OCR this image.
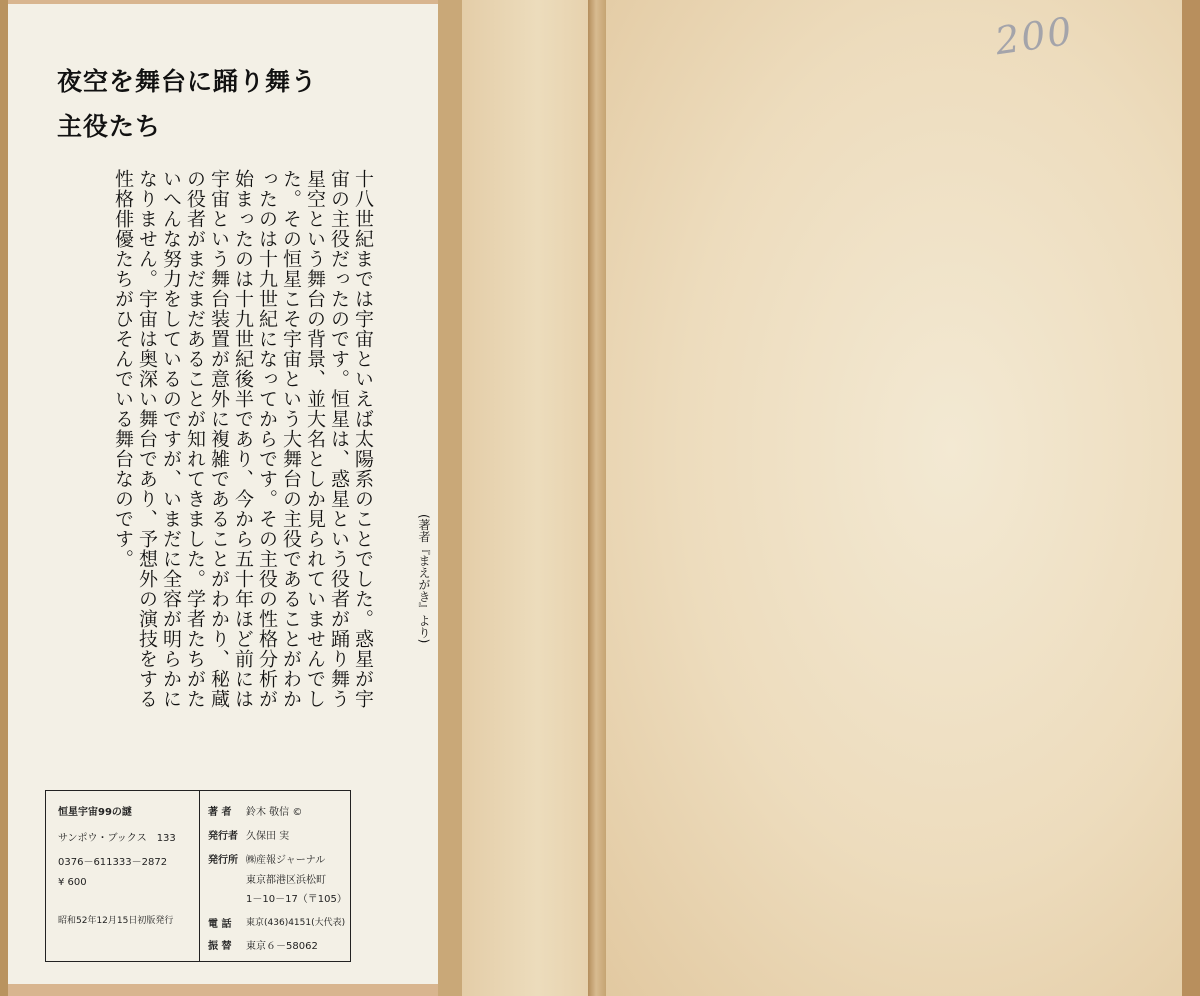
夜空を舞台に踊り舞う
主役たち
十八世紀までは宇宙といえば太陽系のことでした。惑星が宇宙の主役だったのです。恒星は、惑星という役者が踊り舞う星空という舞台の背景、並大名としか見られていませんでした。その恒星こそ宇宙という大舞台の主役であることがわかったのは十九世紀になってからです。その主役の性格分析が始まったのは十九世紀後半であり、今から五十年ほど前には宇宙という舞台装置が意外に複雑であることがわかり、秘蔵の役者がまだまだあることが知れてきました。学者たちがたいへんな努力をしているのですが、いまだに全容が明らかになりません。宇宙は奥深い舞台であり、予想外の演技をする性格俳優たちがひそんでいる舞台なのです。
(著者『まえがき』より)
恒星宇宙99の謎
サンポウ・ブックス　133
0376－611333－2872
¥ 600
昭和52年12月15日初版発行
著 者 鈴木 敬信 ©
発行者 久保田 実
発行所 ㈱産報ジャーナル
東京都港区浜松町
1－10－17（〒105）
電 話 東京(436)4151(大代表)
振 替 東京６－58062
200
